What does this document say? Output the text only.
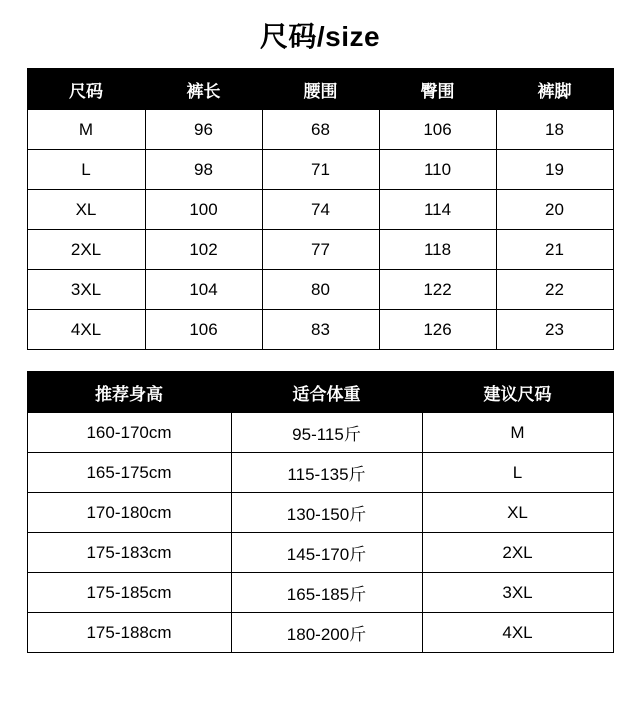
尺码/size
尺码	裤长	腰围	臀围	裤脚
M	96	68	106	18
L	98	71	110	19
XL	100	74	114	20
2XL	102	77	118	21
3XL	104	80	122	22
4XL	106	83	126	23
推荐身高	适合体重	建议尺码
160-170cm	95-115斤	M
165-175cm	115-135斤	L
170-180cm	130-150斤	XL
175-183cm	145-170斤	2XL
175-185cm	165-185斤	3XL
175-188cm	180-200斤	4XL
